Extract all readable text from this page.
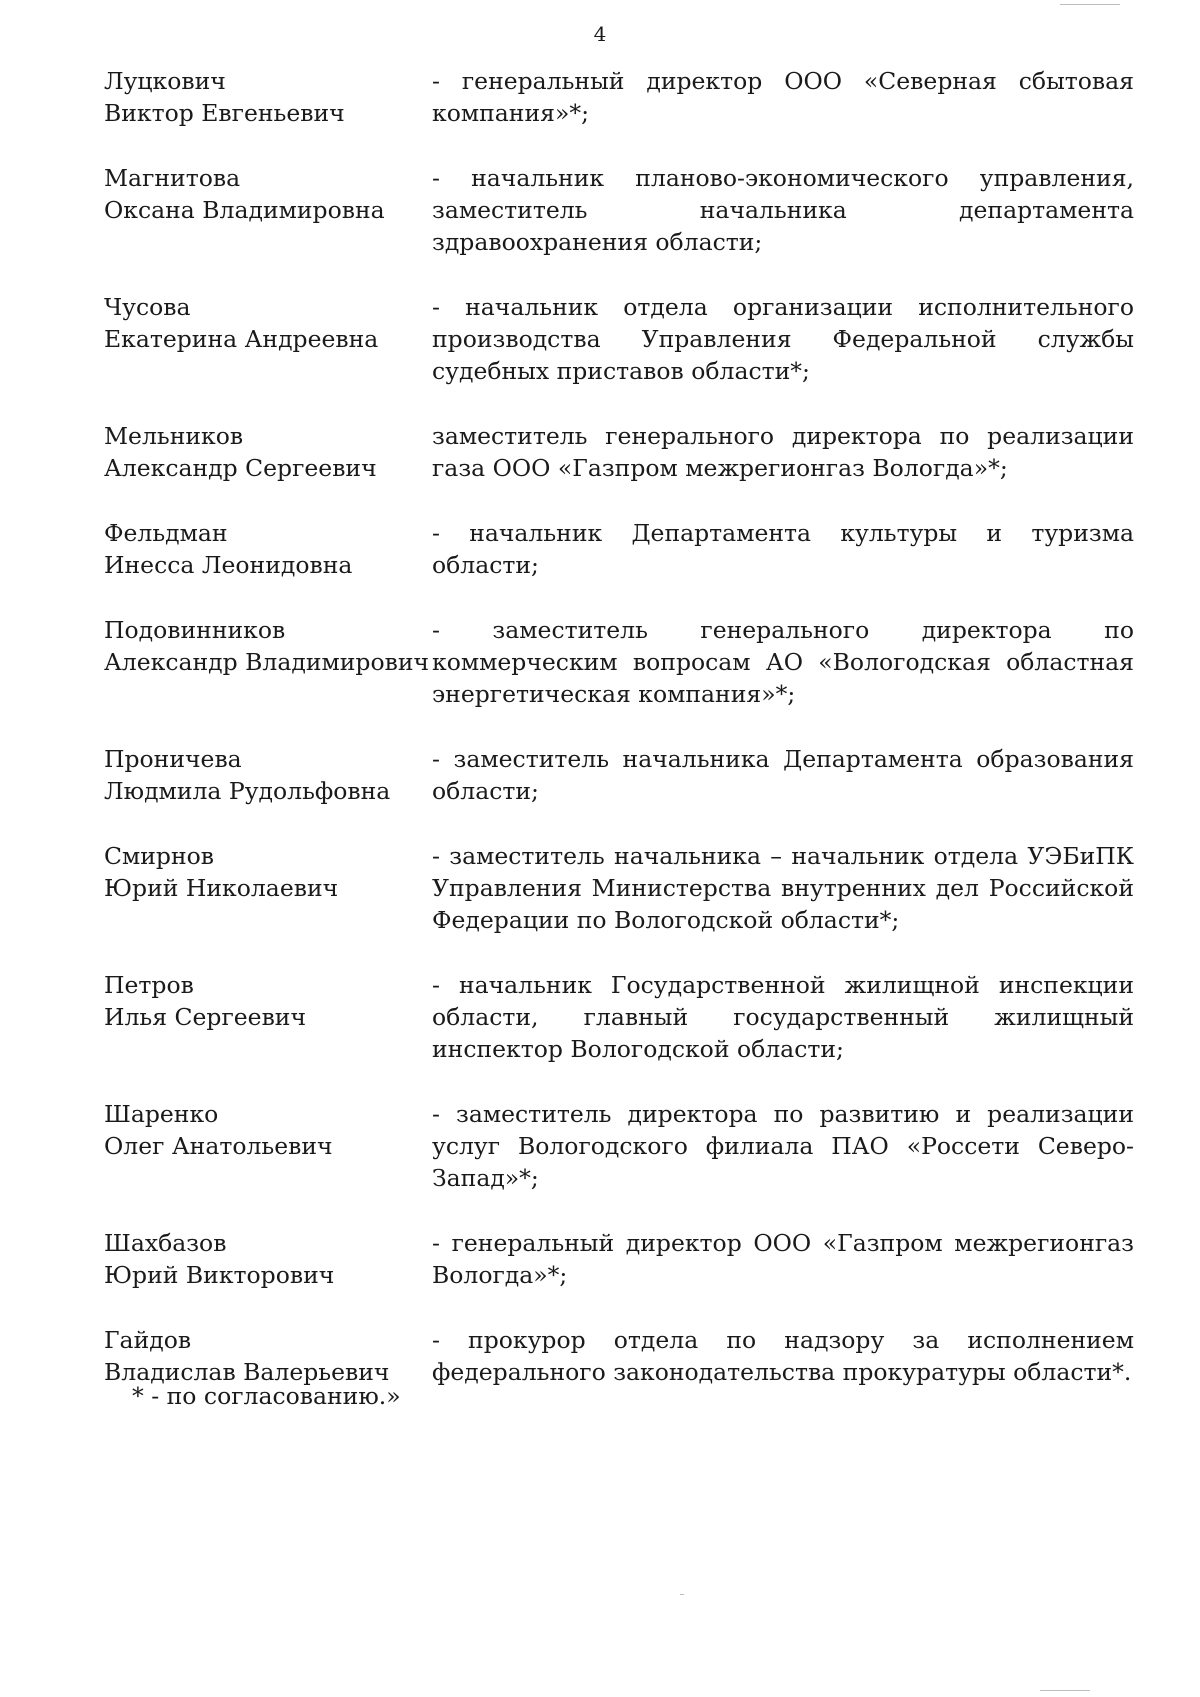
4
Луцкович
Виктор Евгеньевич
- генеральный директор ООО «Северная сбытовая компания»*;
Магнитова
Оксана Владимировна
- начальник планово-экономического управления, заместитель начальника департамента здравоохранения области;
Чусова
Екатерина Андреевна
- начальник отдела организации исполнительного производства Управления Федеральной службы судебных приставов области*;
Мельников
Александр Сергеевич
заместитель генерального директора по реализации газа ООО «Газпром межрегионгаз Вологда»*;
Фельдман
Инесса Леонидовна
- начальник Департамента культуры и туризма области;
Подовинников
Александр Владимирович
- заместитель генерального директора по коммерческим вопросам АО «Вологодская областная энергетическая компания»*;
Проничева
Людмила Рудольфовна
- заместитель начальника Департамента образования области;
Смирнов
Юрий Николаевич
- заместитель начальника – начальник отдела УЭБиПК Управления Министерства внутренних дел Российской Федерации по Вологодской области*;
Петров
Илья Сергеевич
- начальник Государственной жилищной инспекции области, главный государственный жилищный инспектор Вологодской области;
Шаренко
Олег Анатольевич
- заместитель директора по развитию и реализации услуг Вологодского филиала ПАО «Россети Северо-Запад»*;
Шахбазов
Юрий Викторович
- генеральный директор ООО «Газпром межрегионгаз Вологда»*;
Гайдов
Владислав Валерьевич
- прокурор отдела по надзору за исполнением федерального законодательства прокуратуры области*.
* - по согласованию.»
